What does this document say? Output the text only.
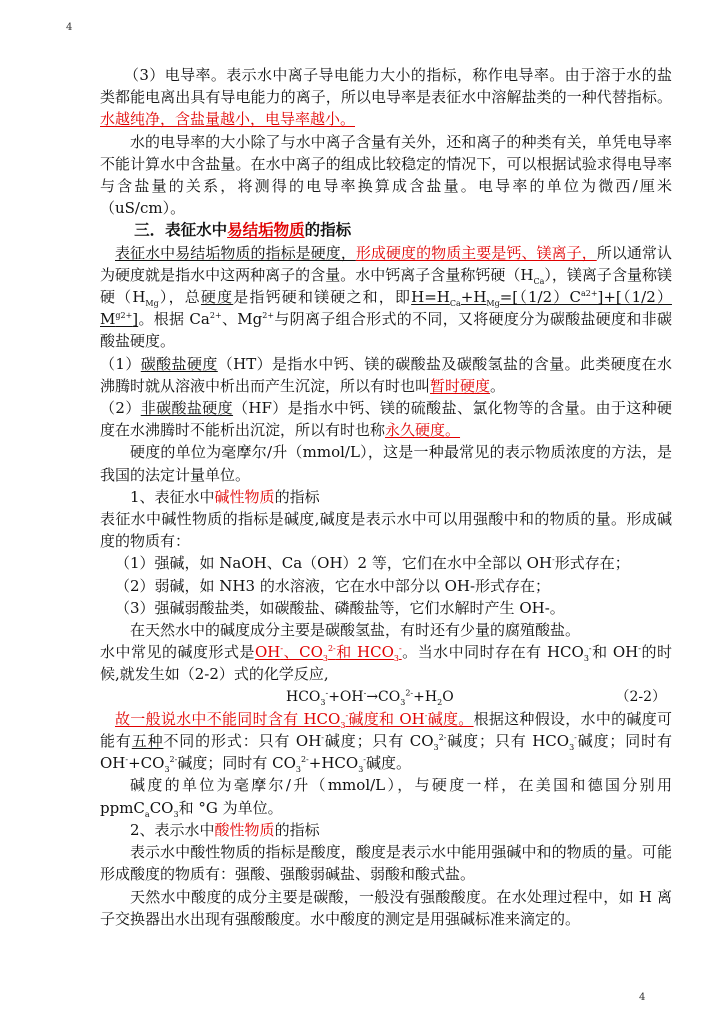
4

（3）电导率。表示水中离子导电能力大小的指标，称作电导率。由于溶于水的盐类都能电离出具有导电能力的离子，所以电导率是表征水中溶解盐类的一种代替指标。水越纯净，含盐量越小，电导率越小。

水的电导率的大小除了与水中离子含量有关外，还和离子的种类有关，单凭电导率不能计算水中含盐量。在水中离子的组成比较稳定的情况下，可以根据试验求得电导率与含盐量的关系，将测得的电导率换算成含盐量。电导率的单位为微西/厘米（uS/cm）。

三．表征水中易结垢物质的指标

表征水中易结垢物质的指标是硬度，形成硬度的物质主要是钙、镁离子，所以通常认为硬度就是指水中这两种离子的含量。水中钙离子含量称钙硬$(H_{Ca})$，镁离子含量称镁硬$(H_{Mg})$，总硬度是指钙硬和镁硬之和，即$H=H_{Ca}+H_{Mg}=[(1/2)C^{a2+}]+[(1/2)M^{g2+}]$。根据 $Ca^{2+}$、$Mg^{2+}$与阴离子组合形式的不同，又将硬度分为碳酸盐硬度和非碳酸盐硬度。

（1）碳酸盐硬度（HT）是指水中钙、镁的碳酸盐及碳酸氢盐的含量。此类硬度在水沸腾时就从溶液中析出而产生沉淀，所以有时也叫暂时硬度。

（2）非碳酸盐硬度（HF）是指水中钙、镁的硫酸盐、氯化物等的含量。由于这种硬度在水沸腾时不能析出沉淀，所以有时也称永久硬度。

硬度的单位为毫摩尔/升（mmol/L），这是一种最常见的表示物质浓度的方法，是我国的法定计量单位。

1、表征水中碱性物质的指标

表征水中碱性物质的指标是碱度,碱度是表示水中可以用强酸中和的物质的量。形成碱度的物质有：

（1）强碱，如 NaOH、Ca（OH）2 等，它们在水中全部以 OH-形式存在；

（2）弱碱，如 NH3 的水溶液，它在水中部分以 OH-形式存在；

（3）强碱弱酸盐类，如碳酸盐、磷酸盐等，它们水解时产生 OH-。

在天然水中的碱度成分主要是碳酸氢盐，有时还有少量的腐殖酸盐。

水中常见的碱度形式是OH-、$CO_3^{2-}$和 $HCO_3^-$。当水中同时存在有 $HCO_3^-$和 OH-的时候,就发生如（2-2）式的化学反应,

$HCO_3^-+OH^-\to CO_3^{2-}+H_2O$	（2-2）

故一般说水中不能同时含有 $HCO_3^-$碱度和 OH-碱度。根据这种假设，水中的碱度可能有五种不同的形式：只有 OH-碱度；只有 $CO_3^{2-}$碱度；只有 $HCO_3^-$碱度；同时有 $OH^-+CO_3^{2-}$碱度；同时有 $CO_3^{2-}+HCO_3^-$碱度。

碱度的单位为毫摩尔/升（mmol/L），与硬度一样，在美国和德国分别用 $ppmC_aCO_3$和 °G 为单位。

2、表示水中酸性物质的指标

表示水中酸性物质的指标是酸度，酸度是表示水中能用强碱中和的物质的量。可能形成酸度的物质有：强酸、强酸弱碱盐、弱酸和酸式盐。

天然水中酸度的成分主要是碳酸，一般没有强酸酸度。在水处理过程中，如 H 离子交换器出水出现有强酸酸度。水中酸度的测定是用强碱标准来滴定的。

4
